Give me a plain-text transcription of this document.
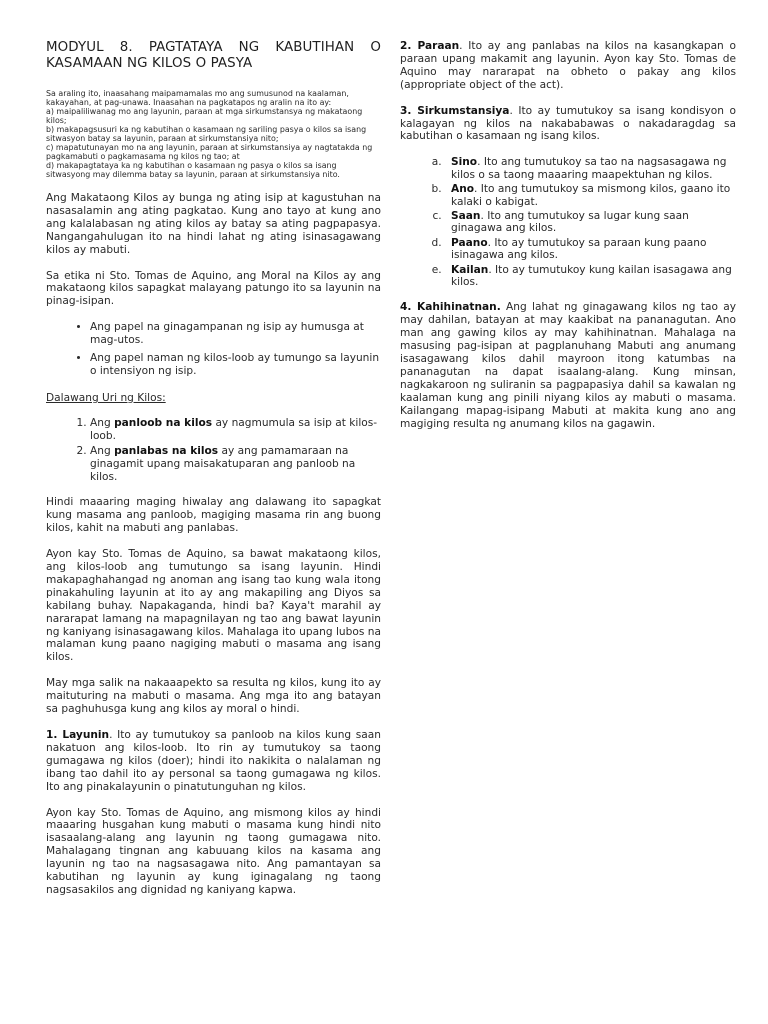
MODYUL 8. PAGTATAYA NG KABUTIHAN O KASAMAAN NG KILOS O PASYA

Sa araling ito, inaasahang maipamamalas mo ang sumusunod na kaalaman, kakayahan, at pag-unawa. Inaasahan na pagkatapos ng aralin na ito ay:

a) maipaliliwanag mo ang layunin, paraan at mga sirkumstansya ng makataong kilos;

b) makapagsusuri ka ng kabutihan o kasamaan ng sariling pasya o kilos sa isang sitwasyon batay sa layunin, paraan at sirkumstansiya nito;

c) mapatutunayan mo na ang layunin, paraan at sirkumstansiya ay nagtatakda ng pagkamabuti o pagkamasama ng kilos ng tao; at

d) makapagtataya ka ng kabutihan o kasamaan ng pasya o kilos sa isang sitwasyong may dilemma batay sa layunin, paraan at sirkumstansiya nito.

Ang Makataong Kilos ay bunga ng ating isip at kagustuhan na nasasalamin ang ating pagkatao. Kung ano tayo at kung ano ang kalalabasan ng ating kilos ay batay sa ating pagpapasya. Nangangahulugan ito na hindi lahat ng ating isinasagawang kilos ay mabuti.

Sa etika ni Sto. Tomas de Aquino, ang Moral na Kilos ay ang makataong kilos sapagkat malayang patungo ito sa layunin na pinag-isipan.

• Ang papel na ginagampanan ng isip ay humusga at mag-utos.
• Ang papel naman ng kilos-loob ay tumungo sa layunin o intensiyon ng isip.

Dalawang Uri ng Kilos:

1. Ang panloob na kilos ay nagmumula sa isip at kilos-loob.
2. Ang panlabas na kilos ay ang pamamaraan na ginagamit upang maisakatuparan ang panloob na kilos.

Hindi maaaring maging hiwalay ang dalawang ito sapagkat kung masama ang panloob, magiging masama rin ang buong kilos, kahit na mabuti ang panlabas.

Ayon kay Sto. Tomas de Aquino, sa bawat makataong kilos, ang kilos-loob ang tumutungo sa isang layunin. Hindi makapaghahangad ng anoman ang isang tao kung wala itong pinakahuling layunin at ito ay ang makapiling ang Diyos sa kabilang buhay. Napakaganda, hindi ba? Kaya't marahil ay nararapat lamang na mapagnilayan ng tao ang bawat layunin ng kaniyang isinasagawang kilos. Mahalaga ito upang lubos na malaman kung paano nagiging mabuti o masama ang isang kilos.

May mga salik na nakaaapekto sa resulta ng kilos, kung ito ay maituturing na mabuti o masama. Ang mga ito ang batayan sa paghuhusga kung ang kilos ay moral o hindi.

1. Layunin. Ito ay tumutukoy sa panloob na kilos kung saan nakatuon ang kilos-loob. Ito rin ay tumutukoy sa taong gumagawa ng kilos (doer); hindi ito nakikita o nalalaman ng ibang tao dahil ito ay personal sa taong gumagawa ng kilos. Ito ang pinakalayunin o pinatutunguhan ng kilos.

Ayon kay Sto. Tomas de Aquino, ang mismong kilos ay hindi maaaring husgahan kung mabuti o masama kung hindi nito isasaalang-alang ang layunin ng taong gumagawa nito. Mahalagang tingnan ang kabuuang kilos na kasama ang layunin ng tao na nagsasagawa nito. Ang pamantayan sa kabutihan ng layunin ay kung iginagalang ng taong nagsasakilos ang dignidad ng kaniyang kapwa.

2. Paraan. Ito ay ang panlabas na kilos na kasangkapan o paraan upang makamit ang layunin. Ayon kay Sto. Tomas de Aquino may nararapat na obheto o pakay ang kilos (appropriate object of the act).

3. Sirkumstansiya. Ito ay tumutukoy sa isang kondisyon o kalagayan ng kilos na nakababawas o nakadaragdag sa kabutihan o kasamaan ng isang kilos.

a. Sino. Ito ang tumutukoy sa tao na nagsasagawa ng kilos o sa taong maaaring maapektuhan ng kilos.
b. Ano. Ito ang tumutukoy sa mismong kilos, gaano ito kalaki o kabigat.
c. Saan. Ito ang tumutukoy sa lugar kung saan ginagawa ang kilos.
d. Paano. Ito ay tumutukoy sa paraan kung paano isinagawa ang kilos.
e. Kailan. Ito ay tumutukoy kung kailan isasagawa ang kilos.

4. Kahihinatnan. Ang lahat ng ginagawang kilos ng tao ay may dahilan, batayan at may kaakibat na pananagutan. Ano man ang gawing kilos ay may kahihinatnan. Mahalaga na masusing pag-isipan at pagplanuhang Mabuti ang anumang isasagawang kilos dahil mayroon itong katumbas na pananagutan na dapat isaalang-alang. Kung minsan, nagkakaroon ng suliranin sa pagpapasiya dahil sa kawalan ng kaalaman kung ang pinili niyang kilos ay mabuti o masama. Kailangang mapag-isipang Mabuti at makita kung ano ang magiging resulta ng anumang kilos na gagawin.
